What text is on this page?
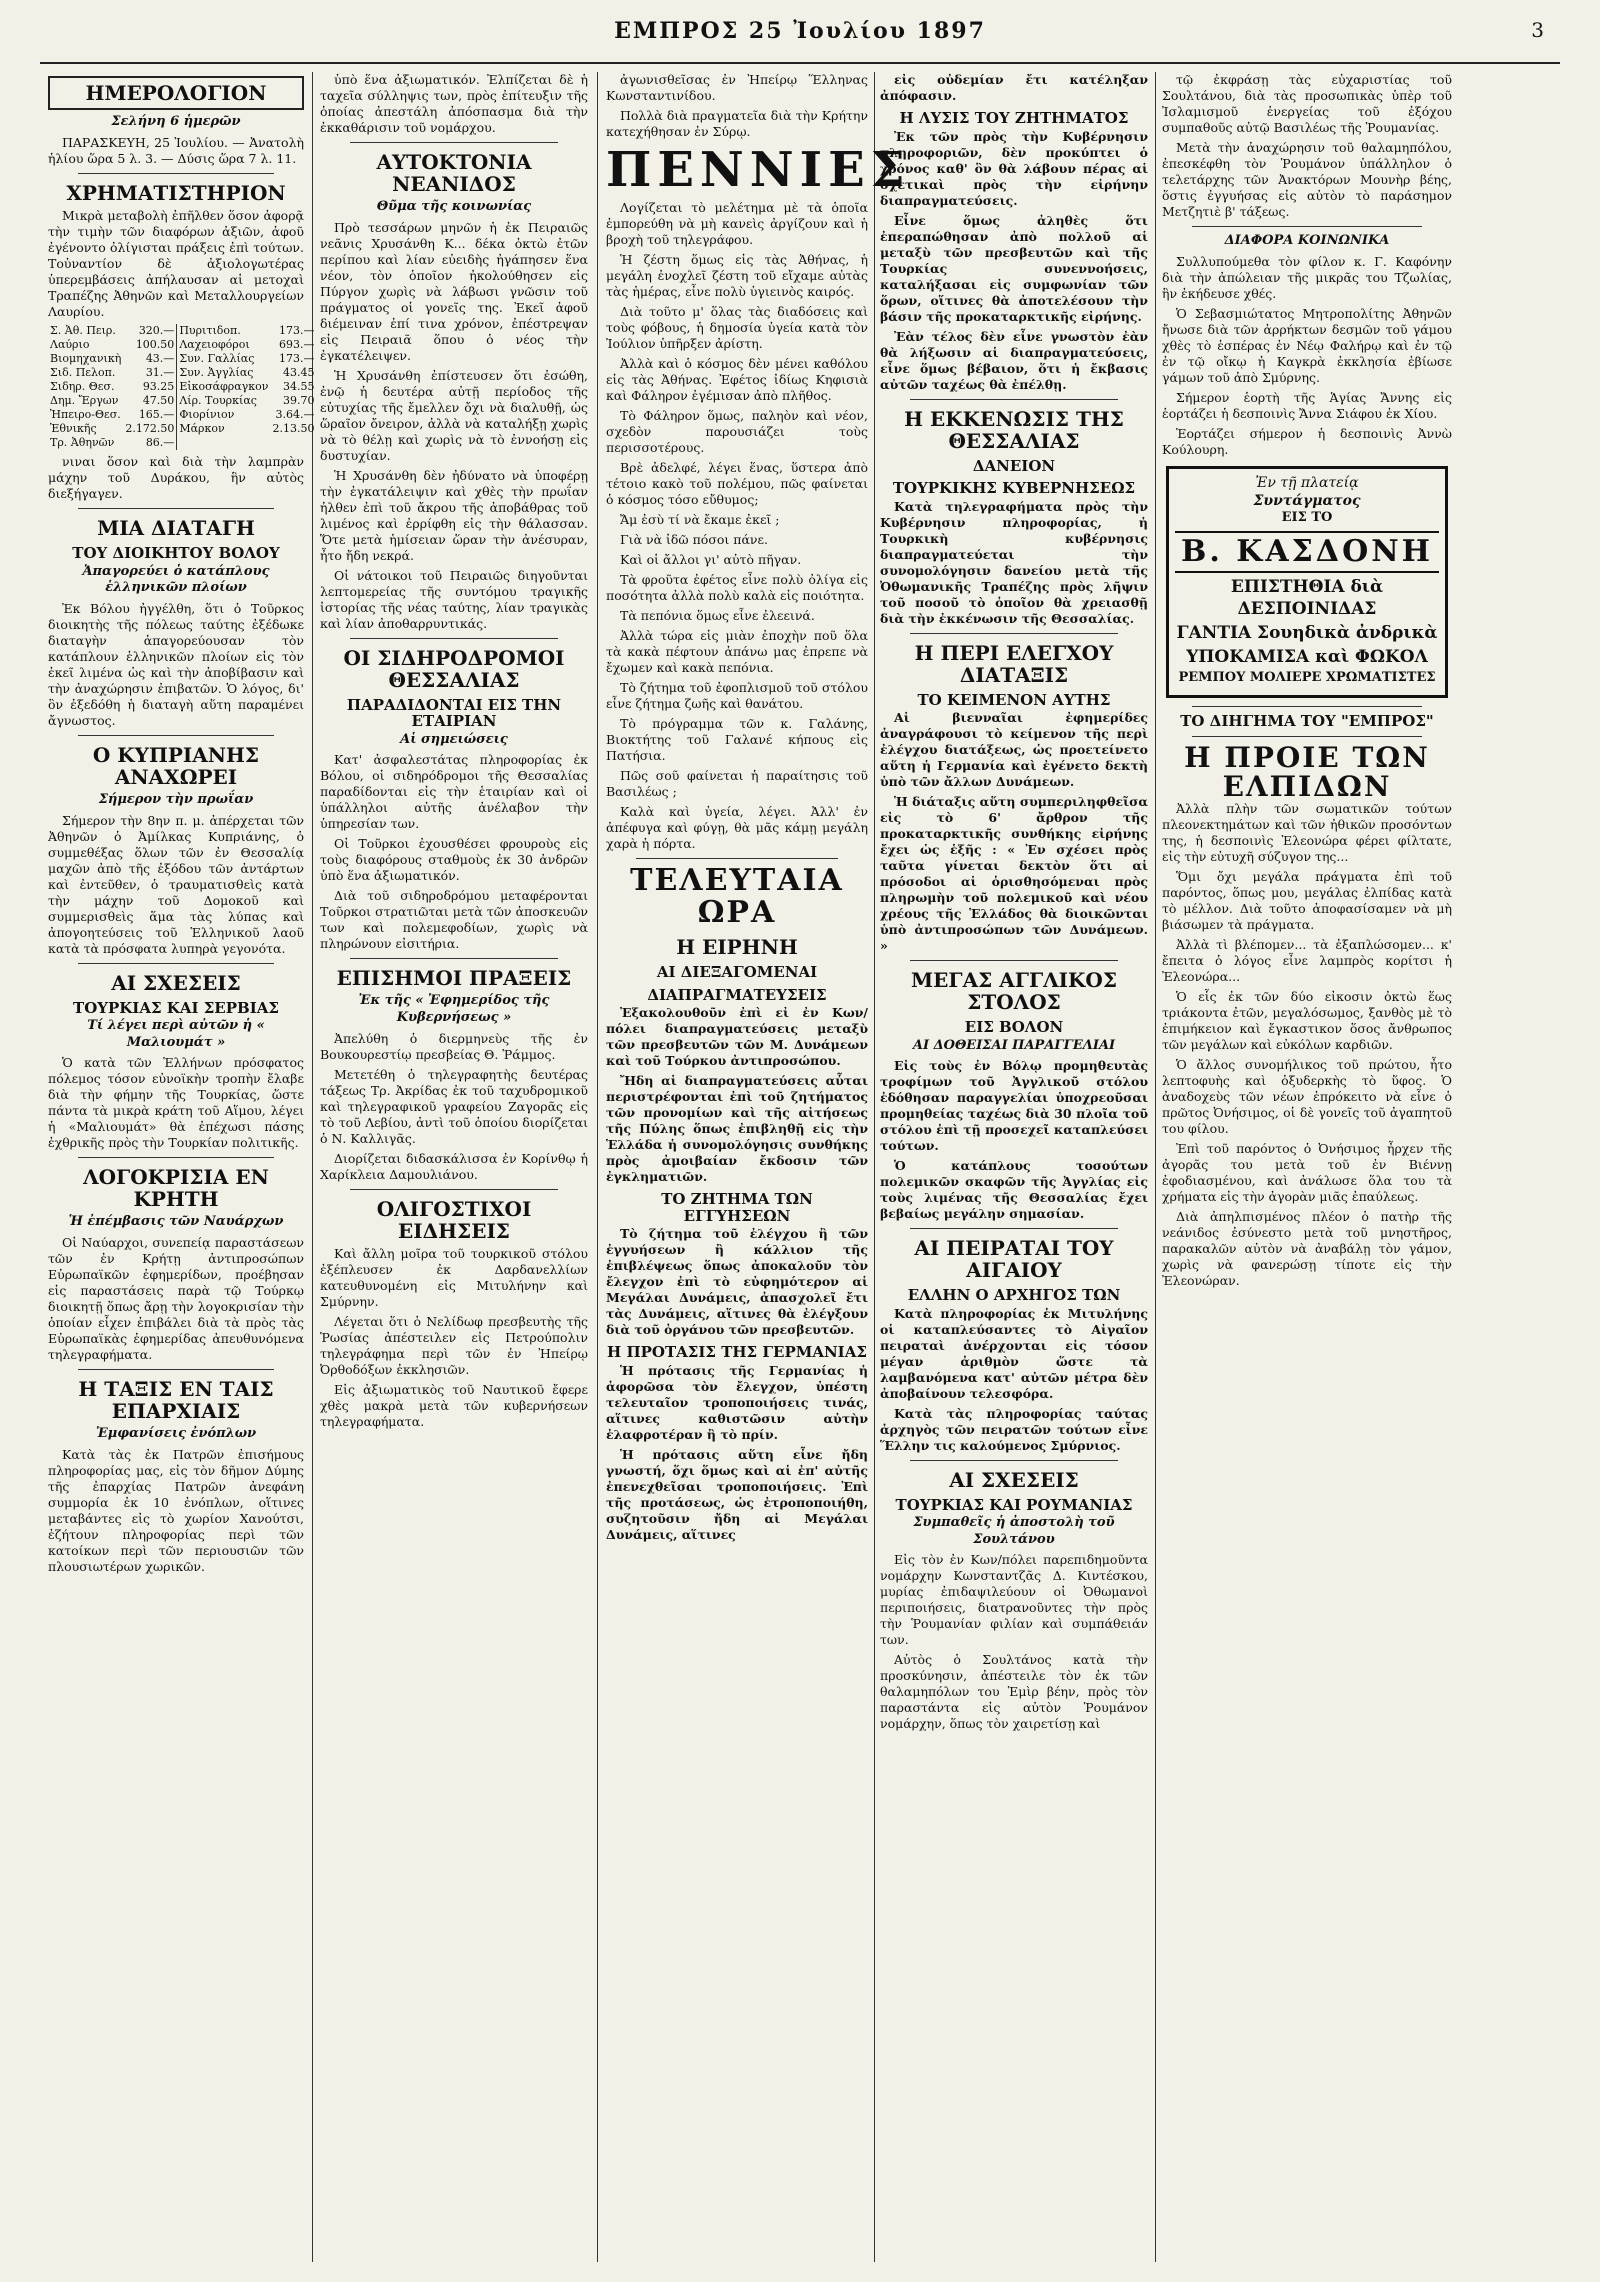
ΕΜΠΡΟΣ 25 Ἰουλίου 1897	3
ΗΜΕΡΟΛΟΓΙΟΝ
Σελήνη 6 ἡμερῶν

ΠΑΡΑΣΚΕΥΗ, 25 Ἰουλίου. — Ἀνατολὴ ἡλίου ὥρα 5 λ. 3. — Δύσις ὥρα 7 λ. 11.

ΧΡΗΜΑΤΙΣΤΗΡΙΟΝ

Μικρὰ μεταβολὴ ἐπῆλθεν ὅσον ἀφορᾷ τὴν τιμὴν τῶν διαφόρων ἀξιῶν, ἀφοῦ ἐγένοντο ὀλίγισται πράξεις ἐπὶ τούτων. Τοὐναντίον δὲ ἀξιολογωτέρας ὑπερεμβάσεις ἀπήλαυσαν αἱ μετοχαὶ Τραπέζης Ἀθηνῶν καὶ Μεταλλουργείων Λαυρίου.

Σ. Ἀθ. Πειρ.	320.—	Πυριτιδοπ.	173.—
Λαύριο	100.50	Λαχειοφόροι	693.—
Βιομηχανικὴ	43.—	Συν. Γαλλίας	173.—
Σιδ. Πελοπ.	31.—	Συν. Ἀγγλίας	43.45
Σιδηρ. Θεσ.	93.25	Εἰκοσάφραγκον	34.55
Δημ. Ἔργων	47.50	Λίρ. Τουρκίας	39.70
Ἠπειρο-Θεσ.	165.—	Φιορίνιον	3.64.—
Ἐθνικῆς	2.172.50	Μάρκον	2.13.50
Τρ. Ἀθηνῶν	86.—		

νιναι ὅσον καὶ διὰ τὴν λαμπρὰν μάχην τοῦ Δυράκου, ἣν αὐτὸς διεξήγαγεν.

ΜΙΑ ΔΙΑΤΑΓΗ
ΤΟΥ ΔΙΟΙΚΗΤΟΥ ΒΟΛΟΥ
Ἀπαγορεύει ὁ κατάπλους ἑλληνικῶν πλοίων

Ἐκ Βόλου ἠγγέλθη, ὅτι ὁ Τοῦρκος διοικητὴς τῆς πόλεως ταύτης ἐξέδωκε διαταγὴν ἀπαγορεύουσαν τὸν κατάπλουν ἑλληνικῶν πλοίων εἰς τὸν ἐκεῖ λιμένα ὡς καὶ τὴν ἀποβίβασιν καὶ τὴν ἀναχώρησιν ἐπιβατῶν. Ὁ λόγος, δι' ὃν ἐξεδόθη ἡ διαταγὴ αὕτη παραμένει ἄγνωστος.

Ο ΚΥΠΡΙΑΝΗΣ ΑΝΑΧΩΡΕΙ
Σήμερον τὴν πρωΐαν

Σήμερον τὴν 8ην π. μ. ἀπέρχεται τῶν Ἀθηνῶν ὁ Ἀμίλκας Κυπριάνης, ὁ συμμεθέξας ὅλων τῶν ἐν Θεσσαλίᾳ μαχῶν ἀπὸ τῆς ἐξόδου τῶν ἀντάρτων καὶ ἐντεῦθεν, ὁ τραυματισθεὶς κατὰ τὴν μάχην τοῦ Δομοκοῦ καὶ συμμερισθεὶς ἅμα τὰς λύπας καὶ ἀπογοητεύσεις τοῦ Ἑλληνικοῦ λαοῦ κατὰ τὰ πρόσφατα λυπηρὰ γεγονότα.

ΑΙ ΣΧΕΣΕΙΣ
ΤΟΥΡΚΙΑΣ ΚΑΙ ΣΕΡΒΙΑΣ
Τί λέγει περὶ αὐτῶν ἡ « Μαλιουμάτ »

Ὁ κατὰ τῶν Ἑλλήνων πρόσφατος πόλεμος τόσον εὐνοϊκὴν τροπὴν ἔλαβε διὰ τὴν φήμην τῆς Τουρκίας, ὥστε πάντα τὰ μικρὰ κράτη τοῦ Αἵμου, λέγει ἡ «Μαλιουμάτ» θὰ ἐπέχωσι πάσης ἐχθρικῆς πρὸς τὴν Τουρκίαν πολιτικῆς.

ΛΟΓΟΚΡΙΣΙΑ ΕΝ ΚΡΗΤΗ
Ἡ ἐπέμβασις τῶν Ναυάρχων

Οἱ Ναύαρχοι, συνεπείᾳ παραστάσεων τῶν ἐν Κρήτῃ ἀντιπροσώπων Εὐρωπαϊκῶν ἐφημερίδων, προέβησαν εἰς παραστάσεις παρὰ τῷ Τούρκῳ διοικητῇ ὅπως ἄρῃ τὴν λογοκρισίαν τὴν ὁποίαν εἶχεν ἐπιβάλει διὰ τὰ πρὸς τὰς Εὐρωπαϊκὰς ἐφημερίδας ἀπευθυνόμενα τηλεγραφήματα.

Η ΤΑΞΙΣ ΕΝ ΤΑΙΣ ΕΠΑΡΧΙΑΙΣ
Ἐμφανίσεις ἐνόπλων

Κατὰ τὰς ἐκ Πατρῶν ἐπισήμους πληροφορίας μας, εἰς τὸν δῆμον Δύμης τῆς ἐπαρχίας Πατρῶν ἀνεφάνη συμμορία ἐκ 10 ἐνόπλων, οἵτινες μεταβάντες εἰς τὸ χωρίον Χανούτσι, ἐζήτουν πληροφορίας περὶ τῶν κατοίκων περὶ τῶν περιουσιῶν τῶν πλουσιωτέρων χωρικῶν.

ὑπὸ ἕνα ἀξιωματικόν. Ἐλπίζεται δὲ ἡ ταχεῖα σύλληψις των, πρὸς ἐπίτευξιν τῆς ὁποίας ἀπεστάλη ἀπόσπασμα διὰ τὴν ἐκκαθάρισιν τοῦ νομάρχου.

ΑΥΤΟΚΤΟΝΙΑ ΝΕΑΝΙΔΟΣ
Θῦμα τῆς κοινωνίας

Πρὸ τεσσάρων μηνῶν ἡ ἐκ Πειραιῶς νεᾶνις Χρυσάνθη Κ... δέκα ὀκτὼ ἐτῶν περίπου καὶ λίαν εὐειδὴς ἠγάπησεν ἕνα νέον, τὸν ὁποῖον ἠκολούθησεν εἰς Πύργον χωρὶς νὰ λάβωσι γνῶσιν τοῦ πράγματος οἱ γονεῖς της. Ἐκεῖ ἀφοῦ διέμειναν ἐπί τινα χρόνον, ἐπέστρεψαν εἰς Πειραιᾶ ὅπου ὁ νέος τὴν ἐγκατέλειψεν.

Ἡ Χρυσάνθη ἐπίστευσεν ὅτι ἐσώθη, ἐνῷ ἡ δευτέρα αὐτῇ περίοδος τῆς εὐτυχίας τῆς ἔμελλεν ὄχι νὰ διαλυθῇ, ὡς ὥραῖον ὄνειρον, ἀλλὰ νὰ καταλήξῃ χωρὶς νὰ τὸ θέλῃ καὶ χωρὶς νὰ τὸ ἐννοήσῃ εἰς δυστυχίαν.

Ἡ Χρυσάνθη δὲν ἠδύνατο νὰ ὑποφέρῃ τὴν ἐγκατάλειψιν καὶ χθὲς τὴν πρωΐαν ἠλθεν ἐπὶ τοῦ ἄκρου τῆς ἀποβάθρας τοῦ λιμένος καὶ ἐρρίφθη εἰς τὴν θάλασσαν. Ὅτε μετὰ ἡμίσειαν ὥραν τὴν ἀνέσυραν, ἦτο ἤδη νεκρά.

Οἱ νάτοικοι τοῦ Πειραιῶς διηγοῦνται λεπτομερείας τῆς συντόμου τραγικῆς ἱστορίας τῆς νέας ταύτης, λίαν τραγικὰς καὶ λίαν ἀποθαρρυντικάς.

ΟΙ ΣΙΔΗΡΟΔΡΟΜΟΙ ΘΕΣΣΑΛΙΑΣ
ΠΑΡΑΔΙΔΟΝΤΑΙ ΕΙΣ ΤΗΝ ΕΤΑΙΡΙΑΝ
Αἱ σημειώσεις

Κατ' ἀσφαλεστάτας πληροφορίας ἐκ Βόλου, οἱ σιδηρόδρομοι τῆς Θεσσαλίας παραδίδονται εἰς τὴν ἑταιρίαν καὶ οἱ ὑπάλληλοι αὐτῆς ἀνέλαβον τὴν ὑπηρεσίαν των.

Οἱ Τοῦρκοι ἐχουσθέσει φρουροὺς εἰς τοὺς διαφόρους σταθμοὺς ἐκ 30 ἀνδρῶν ὑπὸ ἕνα ἀξιωματικόν.

Διὰ τοῦ σιδηροδρόμου μεταφέρονται Τοῦρκοι στρατιῶται μετὰ τῶν ἀποσκευῶν των καὶ πολεμεφοδίων, χωρὶς νὰ πληρώνουν εἰσιτήρια.

ΕΠΙΣΗΜΟΙ ΠΡΑΞΕΙΣ
Ἐκ τῆς « Ἐφημερίδος τῆς Κυβερνήσεως »

Ἀπελύθη ὁ διερμηνεὺς τῆς ἐν Βουκουρεστίῳ πρεσβείας Θ. Ῥάμμος.

Μετετέθη ὁ τηλεγραφητὴς δευτέρας τάξεως Τρ. Ἀκρίδας ἐκ τοῦ ταχυδρομικοῦ καὶ τηλεγραφικοῦ γραφείου Ζαγορᾶς εἰς τὸ τοῦ Λεβίου, ἀντὶ τοῦ ὁποίου διορίζεται ὁ Ν. Καλλιγᾶς.

Διορίζεται διδασκάλισσα ἐν Κορίνθῳ ἡ Χαρίκλεια Δαμουλιάνου.

ΟΛΙΓΟΣΤΙΧΟΙ ΕΙΔΗΣΕΙΣ

Καὶ ἄλλη μοῖρα τοῦ τουρκικοῦ στόλου ἐξέπλευσεν ἐκ Δαρδανελλίων κατευθυνομένη εἰς Μιτυλήνην καὶ Σμύρνην.

Λέγεται ὅτι ὁ Νελίδωφ πρεσβευτὴς τῆς Ῥωσίας ἀπέστειλεν εἰς Πετρούπολιν τηλεγράφημα περὶ τῶν ἐν Ἠπείρῳ Ὀρθοδόξων ἐκκλησιῶν.

Εἰς ἀξιωματικὸς τοῦ Ναυτικοῦ ἔφερε χθὲς μακρὰ μετὰ τῶν κυβερνήσεων τηλεγραφήματα.

ἀγωνισθεῖσας ἐν Ἠπείρῳ Ἕλληνας Κωνσταντινίδου.

Πολλὰ διὰ πραγματεῖα διὰ τὴν Κρήτην κατεχήθησαν ἐν Σύρῳ.

ΠΕΝΝΙΕΣ

Λογίζεται τὸ μελέτημα μὲ τὰ ὁποῖα ἐμπορεύθη νὰ μὴ κανεὶς ἀργίζουν καὶ ἡ βροχὴ τοῦ τηλεγράφου.

Ἡ ζέστη ὅμως εἰς τὰς Ἀθήνας, ἡ μεγάλη ἐνοχλεῖ ζέστη τοῦ εἴχαμε αὐτὰς τὰς ἡμέρας, εἶνε πολὺ ὑγιεινὸς καιρός.

Διὰ τοῦτο μ' ὅλας τὰς διαδόσεις καὶ τοὺς φόβους, ἡ δημοσία ὑγεία κατὰ τὸν Ἰούλιον ὑπῆρξεν ἀρίστη.

Ἀλλὰ καὶ ὁ κόσμος δὲν μένει καθόλου εἰς τὰς Ἀθήνας. Ἐφέτος ἰδίως Κηφισιὰ καὶ Φάληρον ἐγέμισαν ἀπὸ πλῆθος.

Τὸ Φάληρον ὅμως, παληὸν καὶ νέον, σχεδὸν παρουσιάζει τοὺς περισσοτέρους.

Βρὲ ἀδελφέ, λέγει ἕνας, ὕστερα ἀπὸ τέτοιο κακὸ τοῦ πολέμου, πῶς φαίνεται ὁ κόσμος τόσο εὔθυμος;

Ἄμ ἐσὺ τί νὰ ἔκαμε ἐκεῖ ;

Γιὰ νὰ ἰδῶ πόσοι πάνε.

Καὶ οἱ ἄλλοι γι' αὐτὸ πῆγαν.

Τὰ φροῦτα ἐφέτος εἶνε πολὺ ὀλίγα εἰς ποσότητα ἀλλὰ πολὺ καλὰ εἰς ποιότητα.

Τὰ πεπόνια ὅμως εἶνε ἐλεεινά.

Ἀλλὰ τώρα εἰς μιὰν ἐποχὴν ποῦ ὅλα τὰ κακὰ πέφτουν ἀπάνω μας ἐπρεπε νὰ ἔχωμεν καὶ κακὰ πεπόνια.

Τὸ ζήτημα τοῦ ἐφοπλισμοῦ τοῦ στόλου εἶνε ζήτημα ζωῆς καὶ θανάτου.

Τὸ πρόγραμμα τῶν κ. Γαλάνης, Βιοκτήτης τοῦ Γαλανέ κήπους εἰς Πατήσια.

Πῶς σοῦ φαίνεται ἡ παραίτησις τοῦ Βασιλέως ;

Καλὰ καὶ ὑγεία, λέγει. Ἀλλ' ἐν ἀπέφυγα καὶ φύγῃ, θὰ μᾶς κάμῃ μεγάλη χαρὰ ἡ πόρτα.

ΤΕΛΕΥΤΑΙΑ ΩΡΑ
Η ΕΙΡΗΝΗ
ΑΙ ΔΙΕΞΑΓΟΜΕΝΑΙ
ΔΙΑΠΡΑΓΜΑΤΕΥΣΕΙΣ

Ἐξακολουθοῦν ἐπὶ εἰ ἐν Κων/πόλει διαπραγματεύσεις μεταξὺ τῶν πρεσβευτῶν τῶν Μ. Δυνάμεων καὶ τοῦ Τούρκου ἀντιπροσώπου.

Ἤδη αἱ διαπραγματεύσεις αὗται περιστρέφονται ἐπὶ τοῦ ζητήματος τῶν προνομίων καὶ τῆς αἰτήσεως τῆς Πύλης ὅπως ἐπιβληθῇ εἰς τὴν Ἑλλάδα ἡ συνομολόγησις συνθήκης πρὸς ἀμοιβαίαν ἔκδοσιν τῶν ἐγκληματιῶν.

ΤΟ ΖΗΤΗΜΑ ΤΩΝ ΕΓΓΥΗΣΕΩΝ

Τὸ ζήτημα τοῦ ἐλέγχου ἢ τῶν ἐγγυήσεων ἢ κάλλιον τῆς ἐπιβλέψεως ὅπως ἀποκαλοῦν τὸν ἔλεγχον ἐπὶ τὸ εὐφημότερον αἱ Μεγάλαι Δυνάμεις, ἀπασχολεῖ ἔτι τὰς Δυνάμεις, αἵτινες θὰ ἐλέγξουν διὰ τοῦ ὀργάνου τῶν πρεσβευτῶν.

Η ΠΡΟΤΑΣΙΣ ΤΗΣ ΓΕΡΜΑΝΙΑΣ

Ἡ πρότασις τῆς Γερμανίας ἡ ἀφορῶσα τὸν ἔλεγχον, ὑπέστη τελευταῖον τροποποιήσεις τινάς, αἵτινες καθιστῶσιν αὐτὴν ἐλαφροτέραν ἢ τὸ πρίν.

Ἡ πρότασις αὕτη εἶνε ἤδη γνωστή, ὅχι ὅμως καὶ αἱ ἐπ' αὐτῆς ἐπενεχθεῖσαι τροποποιήσεις. Ἐπὶ τῆς προτάσεως, ὡς ἐτροποποιήθη, συζητοῦσιν ἤδη αἱ Μεγάλαι Δυνάμεις, αἵτινες

εἰς οὐδεμίαν ἔτι κατέληξαν ἀπόφασιν.

Η ΛΥΣΙΣ ΤΟΥ ΖΗΤΗΜΑΤΟΣ

Ἐκ τῶν πρὸς τὴν Κυβέρνησιν πληροφοριῶν, δὲν προκύπτει ὁ χρόνος καθ' ὃν θὰ λάβουν πέρας αἱ σχετικαὶ πρὸς τὴν εἰρήνην διαπραγματεύσεις.

Εἶνε ὅμως ἀληθὲς ὅτι ἐπεραπώθησαν ἀπὸ πολλοῦ αἱ μεταξὺ τῶν πρεσβευτῶν καὶ τῆς Τουρκίας συνεννοήσεις, καταλήξασαι εἰς συμφωνίαν τῶν ὅρων, οἵτινες θὰ ἀποτελέσουν τὴν βάσιν τῆς προκαταρκτικῆς εἰρήνης.

Ἐὰν τέλος δὲν εἶνε γνωστὸν ἐὰν θὰ λήξωσιν αἱ διαπραγματεύσεις, εἶνε ὅμως βέβαιον, ὅτι ἡ ἔκβασις αὐτῶν ταχέως θὰ ἐπέλθῃ.

Η ΕΚΚΕΝΩΣΙΣ ΤΗΣ ΘΕΣΣΑΛΙΑΣ
ΔΑΝΕΙΟΝ
ΤΟΥΡΚΙΚΗΣ ΚΥΒΕΡΝΗΣΕΩΣ

Κατὰ τηλεγραφήματα πρὸς τὴν Κυβέρνησιν πληροφορίας, ἡ Τουρκικὴ κυβέρνησις διαπραγματεύεται τὴν συνομολόγησιν δανείου μετὰ τῆς Ὀθωμανικῆς Τραπέζης πρὸς λῆψιν τοῦ ποσοῦ τὸ ὁποῖον θὰ χρειασθῇ διὰ τὴν ἐκκένωσιν τῆς Θεσσαλίας.

Η ΠΕΡΙ ΕΛΕΓΧΟΥ ΔΙΑΤΑΞΙΣ
ΤΟ ΚΕΙΜΕΝΟΝ ΑΥΤΗΣ

Αἱ βιενναῖαι ἐφημερίδες ἀναγράφουσι τὸ κείμενον τῆς περὶ ἐλέγχου διατάξεως, ὡς προετείνετο αὕτη ἡ Γερμανία καὶ ἐγένετο δεκτὴ ὑπὸ τῶν ἄλλων Δυνάμεων.

Ἡ διάταξις αὕτη συμπεριληφθεῖσα εἰς τὸ 6' ἄρθρον τῆς προκαταρκτικῆς συνθήκης εἰρήνης ἔχει ὡς ἑξῆς : « Ἐν σχέσει πρὸς ταῦτα γίνεται δεκτὸν ὅτι αἱ πρόσοδοι αἱ ὁρισθησόμεναι πρὸς πληρωμὴν τοῦ πολεμικοῦ καὶ νέου χρέους τῆς Ἑλλάδος θὰ διοικῶνται ὑπὸ ἀντιπροσώπων τῶν Δυνάμεων. »

ΜΕΓΑΣ ΑΓΓΛΙΚΟΣ ΣΤΟΛΟΣ
ΕΙΣ ΒΟΛΟΝ
ΑΙ ΔΟΘΕΙΣΑΙ ΠΑΡΑΓΓΕΛΙΑΙ

Εἰς τοὺς ἐν Βόλῳ προμηθευτὰς τροφίμων τοῦ Ἀγγλικοῦ στόλου ἐδόθησαν παραγγελίαι ὑποχρεοῦσαι προμηθείας ταχέως διὰ 30 πλοῖα τοῦ στόλου ἐπὶ τῇ προσεχεῖ καταπλεύσει τούτων.

Ὁ κατάπλους τοσούτων πολεμικῶν σκαφῶν τῆς Ἀγγλίας εἰς τοὺς λιμένας τῆς Θεσσαλίας ἔχει βεβαίως μεγάλην σημασίαν.

ΑΙ ΠΕΙΡΑΤΑΙ ΤΟΥ ΑΙΓΑΙΟΥ
ΕΛΛΗΝ Ο ΑΡΧΗΓΟΣ ΤΩΝ

Κατὰ πληροφορίας ἐκ Μιτυλήνης οἱ καταπλεύσαντες τὸ Αἰγαῖον πειραταὶ ἀνέρχονται εἰς τόσον μέγαν ἀριθμὸν ὥστε τὰ λαμβανόμενα κατ' αὐτῶν μέτρα δὲν ἀποβαίνουν τελεσφόρα.

Κατὰ τὰς πληροφορίας ταύτας ἀρχηγὸς τῶν πειρατῶν τούτων εἶνε Ἕλλην τις καλούμενος Σμύρνιος.

ΑΙ ΣΧΕΣΕΙΣ
ΤΟΥΡΚΙΑΣ ΚΑΙ ΡΟΥΜΑΝΙΑΣ
Συμπαθεῖς ἡ ἀποστολὴ τοῦ Σουλτάνου

Εἰς τὸν ἐν Κων/πόλει παρεπιδημοῦντα νομάρχην Κωνσταντζᾶς Δ. Κιντέσκου, μυρίας ἐπιδαψιλεύουν οἱ Ὀθωμανοὶ περιποιήσεις, διατρανοῦντες τὴν πρὸς τὴν Ῥουμανίαν φιλίαν καὶ συμπάθειάν των.

Αὐτὸς ὁ Σουλτάνος κατὰ τὴν προσκύνησιν, ἀπέστειλε τὸν ἐκ τῶν θαλαμηπόλων του Ἐμὶρ βέην, πρὸς τὸν παραστάντα εἰς αὐτὸν Ῥουμάνον νομάρχην, ὅπως τὸν χαιρετίσῃ καὶ

τῷ ἐκφράσῃ τὰς εὐχαριστίας τοῦ Σουλτάνου, διὰ τὰς προσωπικὰς ὑπὲρ τοῦ Ἰσλαμισμοῦ ἐνεργείας τοῦ ἐξόχου συμπαθοῦς αὐτῷ Βασιλέως τῆς Ῥουμανίας.

Μετὰ τὴν ἀναχώρησιν τοῦ θαλαμηπόλου, ἐπεσκέφθη τὸν Ῥουμάνον ὑπάλληλον ὁ τελετάρχης τῶν Ἀνακτόρων Μουνὴρ βέης, ὅστις ἐγγυήσας εἰς αὐτὸν τὸ παράσημον Μετζητιὲ β' τάξεως.

ΔΙΑΦΟΡΑ ΚΟΙΝΩΝΙΚΑ

Συλλυπούμεθα τὸν φίλον κ. Γ. Καφόνην διὰ τὴν ἀπώλειαν τῆς μικρᾶς του Τζωλίας, ἣν ἐκήδευσε χθές.

Ὁ Σεβασμιώτατος Μητροπολίτης Ἀθηνῶν ἤνωσε διὰ τῶν ἀρρήκτων δεσμῶν τοῦ γάμου χθὲς τὸ ἑσπέρας ἐν Νέῳ Φαλήρῳ καὶ ἐν τῷ ἐν τῷ οἴκῳ ἡ Καγκρὰ ἐκκλησία ἐβίωσε γάμων τοῦ ἀπὸ Σμύρνης.

Σήμερον ἑορτὴ τῆς Ἁγίας Ἄννης εἰς ἑορτάζει ἡ δεσποινὶς Ἄννα Σιάφου ἐκ Χίου.

Ἑορτάζει σήμερον ἡ δεσποινὶς Ἀννὼ Κούλουρη.

Ἐν τῇ πλατείᾳ
Συντάγματος
ΕΙΣ ΤΟ
Β. ΚΑΣΔΟΝΗ
ΕΠΙΣΤΗΘΙΑ διὰ ΔΕΣΠΟΙΝΙΔΑΣ
ΓΑΝΤΙΑ Σουηδικὰ ἀνδρικὰ
ΥΠΟΚΑΜΙΣΑ καὶ ΦΩΚΟΛ
ΡΕΜΠΟΥ ΜΟΛΙΕΡΕ ΧΡΩΜΑΤΙΣΤΕΣ
ΤΟ ΔΙΗΓΗΜΑ ΤΟΥ "ΕΜΠΡΟΣ"
Η ΠΡΟΙΕ ΤΩΝ ΕΛΠΙΔΩΝ

Ἀλλὰ πλὴν τῶν σωματικῶν τούτων πλεονεκτημάτων καὶ τῶν ἠθικῶν προσόντων της, ἡ δεσποινὶς Ἐλεονώρα φέρει φίλτατε, εἰς τὴν εὐτυχῆ σύζυγον της...

Ὅμι ὄχι μεγάλα πράγματα ἐπὶ τοῦ παρόντος, ὅπως μου, μεγάλας ἐλπίδας κατὰ τὸ μέλλον. Διὰ τοῦτο ἀποφασίσαμεν νὰ μὴ βιάσωμεν τὰ πράγματα.

Ἀλλὰ τὶ βλέπομεν... τὰ ἐξαπλώσομεν... κ' ἔπειτα ὁ λόγος εἶνε λαμπρὸς κορίτσι ἡ Ἐλεονώρα...

Ὁ εἷς ἐκ τῶν δύο εἰκοσιν ὀκτὼ ἕως τριάκοντα ἐτῶν, μεγαλόσωμος, ξανθὸς μὲ τὸ ἐπιμήκειον καὶ ἔγκαστικον ὅσος ἄνθρωπος τῶν μεγάλων καὶ εὐκόλων καρδιῶν.

Ὁ ἄλλος συνομήλικος τοῦ πρώτου, ἦτο λεπτοφυὴς καὶ ὀξυδερκὴς τὸ ὕφος. Ὁ ἀναδοχεὺς τῶν νέων ἐπρόκειτο νὰ εἶνε ὁ πρῶτος Ὀνήσιμος, οἱ δὲ γονεῖς τοῦ ἀγαπητοῦ του φίλου.

Ἐπὶ τοῦ παρόντος ὁ Ὀνήσιμος ἦρχεν τῆς ἀγορᾶς του μετὰ τοῦ ἐν Βιέννῃ ἐφοδιασμένου, καὶ ἀνάλωσε ὅλα του τὰ χρήματα εἰς τὴν ἀγορὰν μιᾶς ἐπαύλεως.

Διὰ ἀπηλπισμένος πλέον ὁ πατὴρ τῆς νεάνιδος ἐσύνεστο μετὰ τοῦ μνηστῆρος, παρακαλῶν αὐτὸν νὰ ἀναβάλῃ τὸν γάμον, χωρὶς νὰ φανερώσῃ τίποτε εἰς τὴν Ἐλεονώραν.
